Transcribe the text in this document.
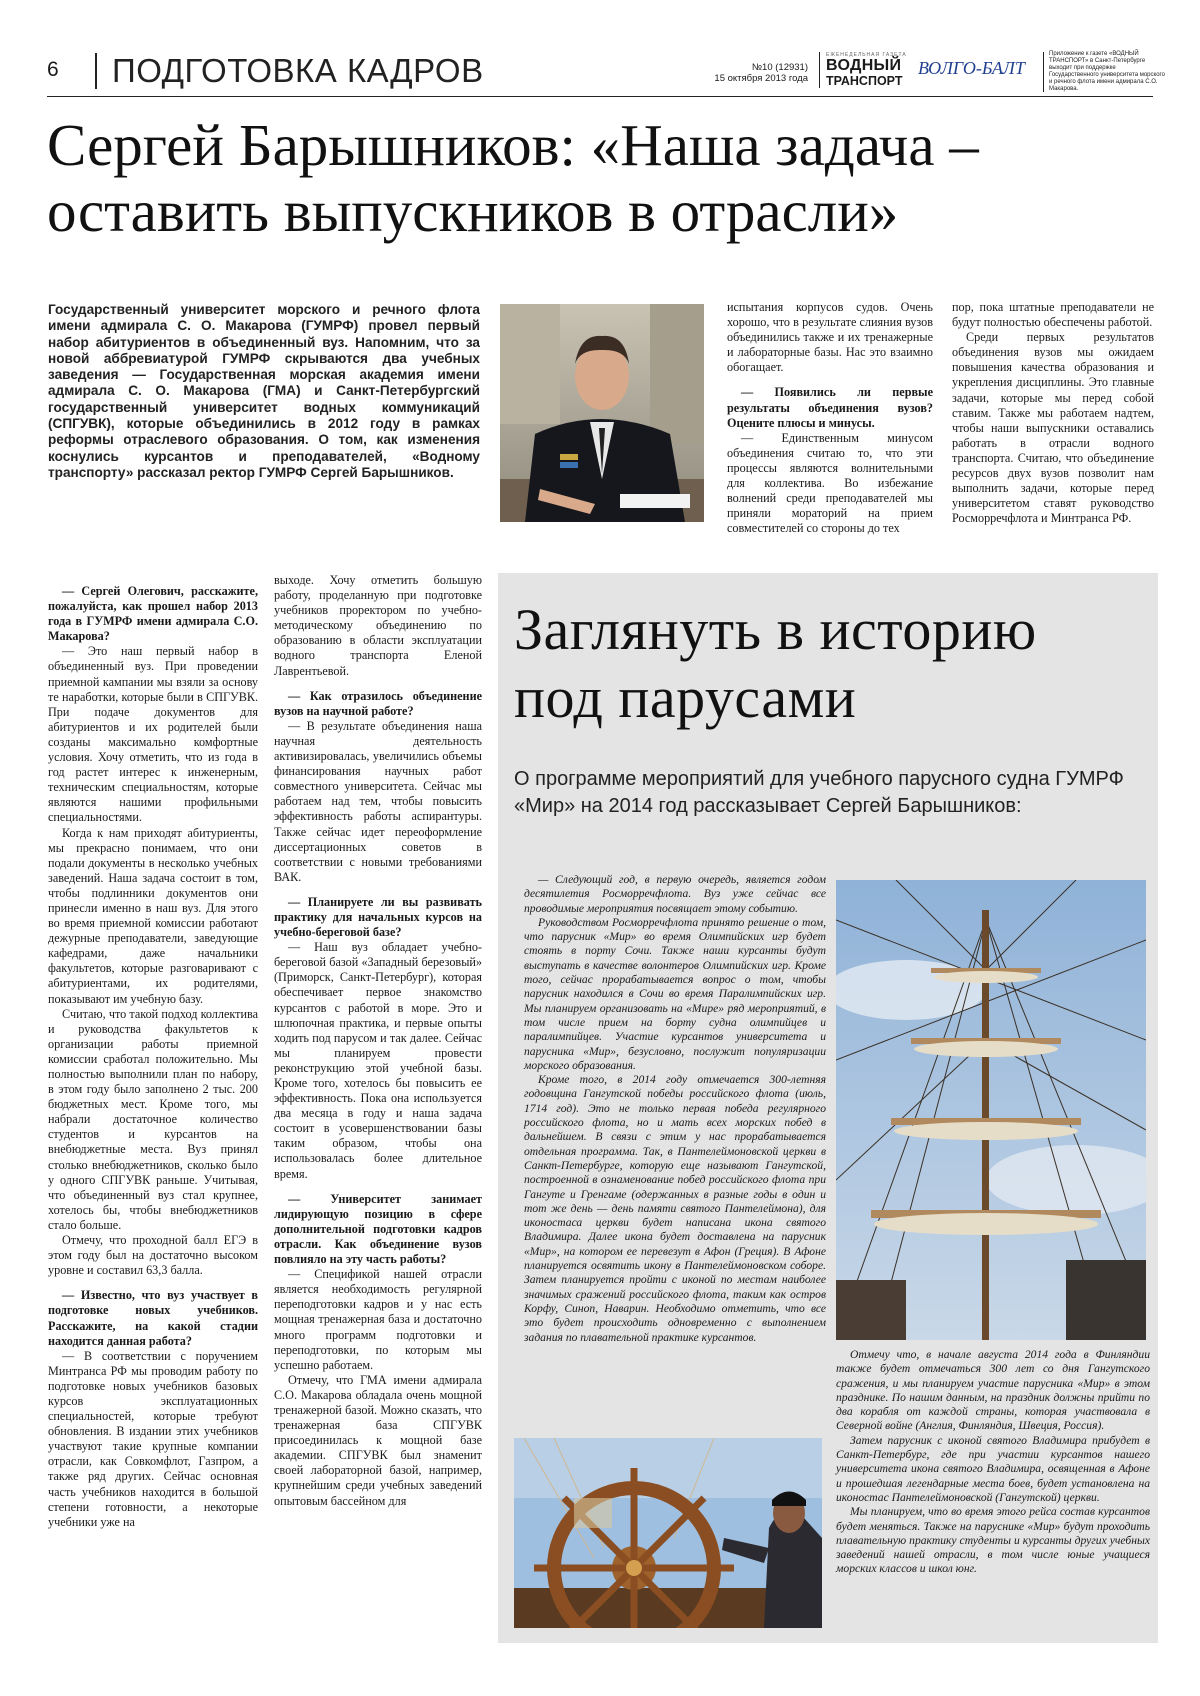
6 ПОДГОТОВКА КАДРОВ	№10 (12931)
15 октября 2013 года
ЕЖЕНЕДЕЛЬНАЯ ГАЗЕТА
ВОДНЫЙ
ТРАНСПОРТ
ВОЛГО-БАЛТ
Приложение к газете «ВОДНЫЙ ТРАНСПОРТ» в Санкт-Петербурге выходит при поддержке Государственного университета морского и речного флота имени адмирала С.О. Макарова.
Сергей Барышников: «Наша задача – оставить выпускников в отрасли»
Государственный университет морского и речного флота имени адмирала С. О. Макарова (ГУМРФ) провел первый набор абитуриентов в объединенный вуз. Напомним, что за новой аббревиатурой ГУМРФ скрываются два учебных заведения — Государственная морская академия имени адмирала С. О. Макарова (ГМА) и Санкт-Петербургский государственный университет водных коммуникаций (СПГУВК), которые объединились в 2012 году в рамках реформы отраслевого образования. О том, как изменения коснулись курсантов и преподавателей, «Водному транспорту» рассказал ректор ГУМРФ Сергей Барышников.

испытания корпусов судов. Очень хорошо, что в результате слияния вузов объединились также и их тренажерные и лабораторные базы. Нас это взаимно обогащает.

— Появились ли первые результаты объединения вузов? Оцените плюсы и минусы.

— Единственным минусом объединения считаю то, что эти процессы являются волнительными для коллектива. Во избежание волнений среди преподавателей мы приняли мораторий на прием совместителей со стороны до тех

пор, пока штатные преподаватели не будут полностью обеспечены работой.

Среди первых результатов объединения вузов мы ожидаем повышения качества образования и укрепления дисциплины. Это главные задачи, которые мы перед собой ставим. Также мы работаем надтем, чтобы наши выпускники оставались работать в отрасли водного транспорта. Считаю, что объединение ресурсов двух вузов позволит нам выполнить задачи, которые перед университетом ставят руководство Росморречфлота и Минтранса РФ.

— Сергей Олегович, расскажите, пожалуйста, как прошел набор 2013 года в ГУМРФ имени адмирала С.О. Макарова?

— Это наш первый набор в объединенный вуз. При проведении приемной кампании мы взяли за основу те наработки, которые были в СПГУВК. При подаче документов для абитуриентов и их родителей были созданы максимально комфортные условия. Хочу отметить, что из года в год растет интерес к инженерным, техническим специальностям, которые являются нашими профильными специальностями.

Когда к нам приходят абитуриенты, мы прекрасно понимаем, что они подали документы в несколько учебных заведений. Наша задача состоит в том, чтобы подлинники документов они принесли именно в наш вуз. Для этого во время приемной комиссии работают дежурные преподаватели, заведующие кафедрами, даже начальники факультетов, которые разговаривают с абитуриентами, их родителями, показывают им учебную базу.

Считаю, что такой подход коллектива и руководства факультетов к организации работы приемной комиссии сработал положительно. Мы полностью выполнили план по набору, в этом году было заполнено 2 тыс. 200 бюджетных мест. Кроме того, мы набрали достаточное количество студентов и курсантов на внебюджетные места. Вуз принял столько внебюджетников, сколько было у одного СПГУВК раньше. Учитывая, что объединенный вуз стал крупнее, хотелось бы, чтобы внебюджетников стало больше.

Отмечу, что проходной балл ЕГЭ в этом году был на достаточно высоком уровне и составил 63,3 балла.

— Известно, что вуз участвует в подготовке новых учебников. Расскажите, на какой стадии находится данная работа?

— В соответствии с поручением Минтранса РФ мы проводим работу по подготовке новых учебников базовых курсов эксплуатационных специальностей, которые требуют обновления. В издании этих учебников участвуют такие крупные компании отрасли, как Совкомфлот, Газпром, а также ряд других. Сейчас основная часть учебников находится в большой степени готовности, а некоторые учебники уже на

выходе. Хочу отметить большую работу, проделанную при подготовке учебников проректором по учебно-методическому объединению по образованию в области эксплуатации водного транспорта Еленой Лаврентьевой.

— Как отразилось объединение вузов на научной работе?

— В результате объединения наша научная деятельность активизировалась, увеличились объемы финансирования научных работ совместного университета. Сейчас мы работаем над тем, чтобы повысить эффективность работы аспирантуры. Также сейчас идет переоформление диссертационных советов в соответствии с новыми требованиями ВАК.

— Планируете ли вы развивать практику для начальных курсов на учебно-береговой базе?

— Наш вуз обладает учебно-береговой базой «Западный березовый» (Приморск, Санкт-Петербург), которая обеспечивает первое знакомство курсантов с работой в море. Это и шлюпочная практика, и первые опыты ходить под парусом и так далее. Сейчас мы планируем провести реконструкцию этой учебной базы. Кроме того, хотелось бы повысить ее эффективность. Пока она используется два месяца в году и наша задача состоит в усовершенствовании базы таким образом, чтобы она использовалась более длительное время.

— Университет занимает лидирующую позицию в сфере дополнительной подготовки кадров отрасли. Как объединение вузов повлияло на эту часть работы?

— Спецификой нашей отрасли является необходимость регулярной переподготовки кадров и у нас есть мощная тренажерная база и достаточно много программ подготовки и переподготовки, по которым мы успешно работаем.

Отмечу, что ГМА имени адмирала С.О. Макарова обладала очень мощной тренажерной базой. Можно сказать, что тренажерная база СПГУВК присоединилась к мощной базе академии. СПГУВК был знаменит своей лабораторной базой, например, крупнейшим среди учебных заведений опытовым бассейном для

Заглянуть в историю
под парусами
О программе мероприятий для учебного парусного судна ГУМРФ «Мир» на 2014 год рассказывает Сергей Барышников:

— Следующий год, в первую очередь, является годом десятилетия Росморречфлота. Вуз уже сейчас все проводимые мероприятия посвящает этому событию.

Руководством Росморречфлота принято решение о том, что парусник «Мир» во время Олимпийских игр будет стоять в порту Сочи. Также наши курсанты будут выступать в качестве волонтеров Олимпийских игр. Кроме того, сейчас прорабатывается вопрос о том, чтобы парусник находился в Сочи во время Паралимпийских игр. Мы планируем организовать на «Мире» ряд мероприятий, в том числе прием на борту судна олимпийцев и паралимпийцев. Участие курсантов университета и парусника «Мир», безусловно, послужит популяризации морского образования.

Кроме того, в 2014 году отмечается 300-летняя годовщина Гангутской победы российского флота (июль, 1714 год). Это не только первая победа регулярного российского флота, но и мать всех морских побед в дальнейшем. В связи с этим у нас прорабатывается отдельная программа. Так, в Пантелеймоновской церкви в Санкт-Петербурге, которую еще называют Гангутской, построенной в ознаменование побед российского флота при Гангуте и Гренгаме (одержанных в разные годы в один и тот же день — день памяти святого Пантелеймона), для иконостаса церкви будет написана икона святого Владимира. Далее икона будет доставлена на парусник «Мир», на котором ее перевезут в Афон (Греция). В Афоне планируется освятить икону в Пантелеймоновском соборе. Затем планируется пройти с иконой по местам наиболее значимых сражений российского флота, таким как остров Корфу, Синоп, Наварин. Необходимо отметить, что все это будет происходить одновременно с выполнением задания по плавательной практике курсантов.

Отмечу что, в начале августа 2014 года в Финляндии также будет отмечаться 300 лет со дня Гангутского сражения, и мы планируем участие парусника «Мир» в этом празднике. По нашим данным, на праздник должны прийти по два корабля от каждой страны, которая участвовала в Северной войне (Англия, Финляндия, Швеция, Россия).

Затем парусник с иконой святого Владимира прибудет в Санкт-Петербург, где при участии курсантов нашего университета икона святого Владимира, освященная в Афоне и прошедшая легендарные места боев, будет установлена на иконостас Пантелеймоновской (Гангутской) церкви.

Мы планируем, что во время этого рейса состав курсантов будет меняться. Также на паруснике «Мир» будут проходить плавательную практику студенты и курсанты других учебных заведений нашей отрасли, в том числе юные учащиеся морских классов и школ юнг.
